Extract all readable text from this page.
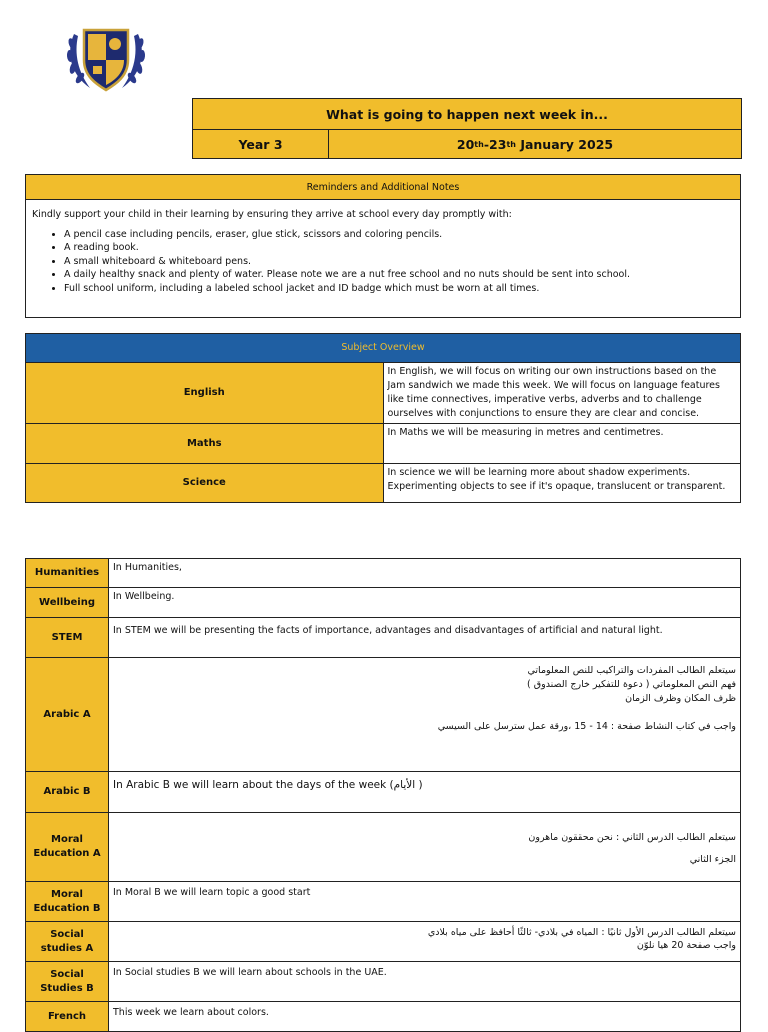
What is going to happen next week in...
Year 3	20 th - 23 th January 2025
Reminders and Additional Notes
Kindly support your child in their learning by ensuring they arrive at school every day promptly with:
• A pencil case including pencils, eraser, glue stick, scissors and coloring pencils.
• A reading book.
• A small whiteboard & whiteboard pens.
• A daily healthy snack and plenty of water. Please note we are a nut free school and no nuts should be sent into school.
• Full school uniform, including a labeled school jacket and ID badge which must be worn at all times.
Subject Overview	
English	In English, we will focus on writing our own instructions based on the Jam sandwich we made this week. We will focus on language features like time connectives, imperative verbs, adverbs and to challenge ourselves with conjunctions to ensure they are clear and concise.
Maths	In Maths we will be measuring in metres and centimetres.
Science	In science we will be learning more about shadow experiments. Experimenting objects to see if it's opaque, translucent or transparent.
Humanities	In Humanities,
Wellbeing	In Wellbeing.
STEM	In STEM we will be presenting the facts of importance, advantages and disadvantages of artificial and natural light.
Arabic A	سيتعلم الطالب المفردات والتراكيب للنص المعلوماتي
فهم النص المعلوماتي ( دعوة للتفكير خارج الصندوق )
ظرف المكان وظرف الزمان
واجب في كتاب النشاط صفحة : 14 - 15 ،ورقة عمل سترسل على السيسي

Arabic B	In Arabic B we will learn about the days of the week (الأيام )
Moral Education A	سيتعلم الطالب الدرس الثاني : نحن محققون ماهرون
الجزء الثاني

Moral Education B	In Moral B we will learn topic a good start
Social studies A	سيتعلم الطالب الدرس الأول ثانيًا : المياه في بلادي- ثالثًا أحافظ على مياه بلادي
واجب صفحة 20 هيا نلوّن

Social Studies B	In Social studies B we will learn about schools in the UAE.
French	This week we learn about colors.
